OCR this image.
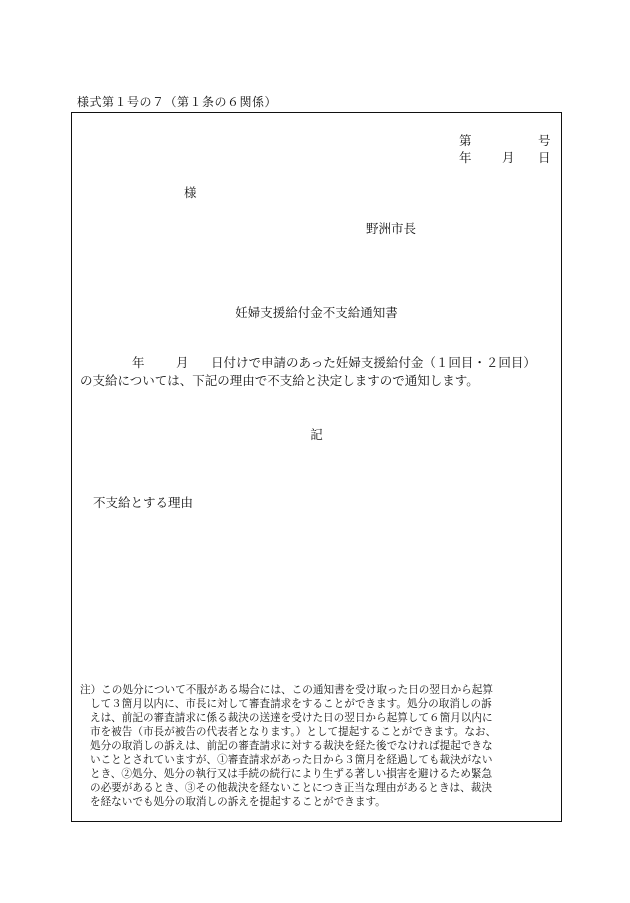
様式第１号の７（第１条の６関係）
第	号
年 月 日
様
野洲市長
妊婦支援給付金不支給通知書
年	月 日付けで申請のあった妊婦支援給付金（１回目・２回目）
の支給については、下記の理由で不支給と決定しますので通知します。
記
不支給とする理由
注）この処分について不服がある場合には、この通知書を受け取った日の翌日から起算
して３箇月以内に、市長に対して審査請求をすることができます。処分の取消しの訴
えは、前記の審査請求に係る裁決の送達を受けた日の翌日から起算して６箇月以内に
市を被告（市長が被告の代表者となります。）として提起することができます。なお、
処分の取消しの訴えは、前記の審査請求に対する裁決を経た後でなければ提起できな
いこととされていますが、①審査請求があった日から３箇月を経過しても裁決がない
とき、②処分、処分の執行又は手続の続行により生ずる著しい損害を避けるため緊急
の必要があるとき、③その他裁決を経ないことにつき正当な理由があるときは、裁決
を経ないでも処分の取消しの訴えを提起することができます。
